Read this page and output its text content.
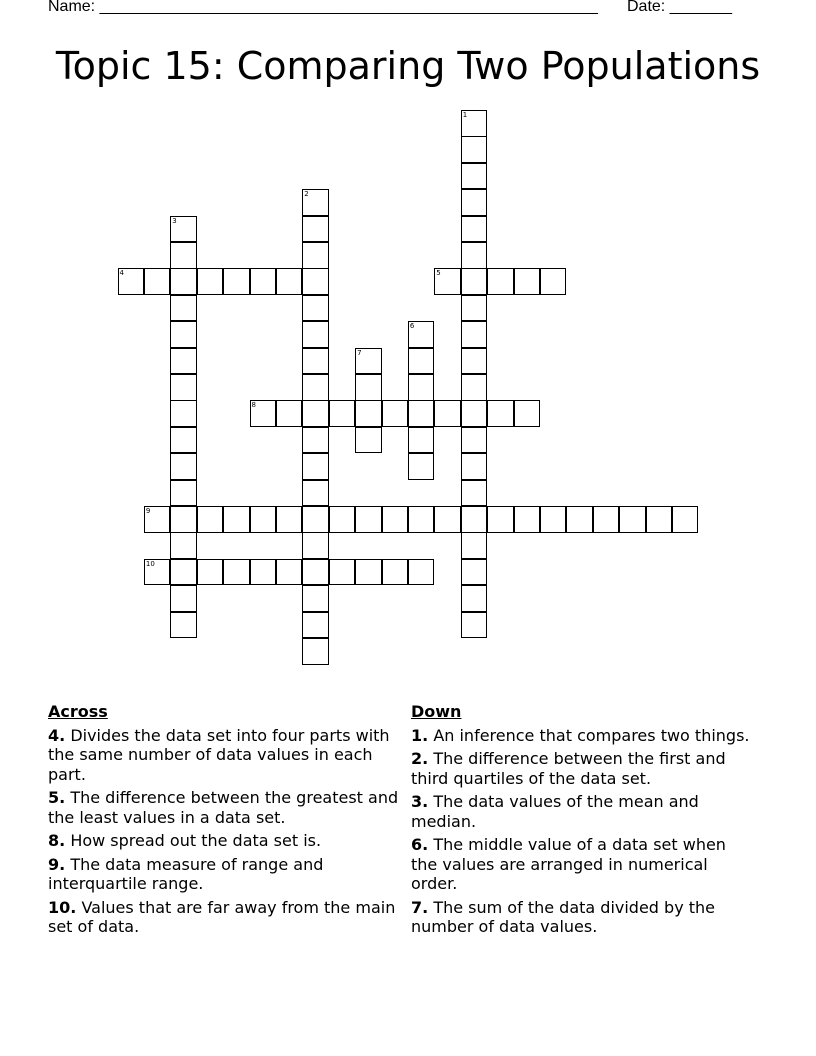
Name: ________________________________________________________ Date: _______
Topic 15: Comparing Two Populations
1
2
3
4	5
6
7
8
9
10
Across
4. Divides the data set into four parts with the same number of data values in each part.
5. The difference between the greatest and the least values in a data set.
8. How spread out the data set is.
9. The data measure of range and interquartile range.
10. Values that are far away from the main set of data.
Down
1. An inference that compares two things.
2. The difference between the first and third quartiles of the data set.
3. The data values of the mean and median.
6. The middle value of a data set when the values are arranged in numerical order.
7. The sum of the data divided by the number of data values.
